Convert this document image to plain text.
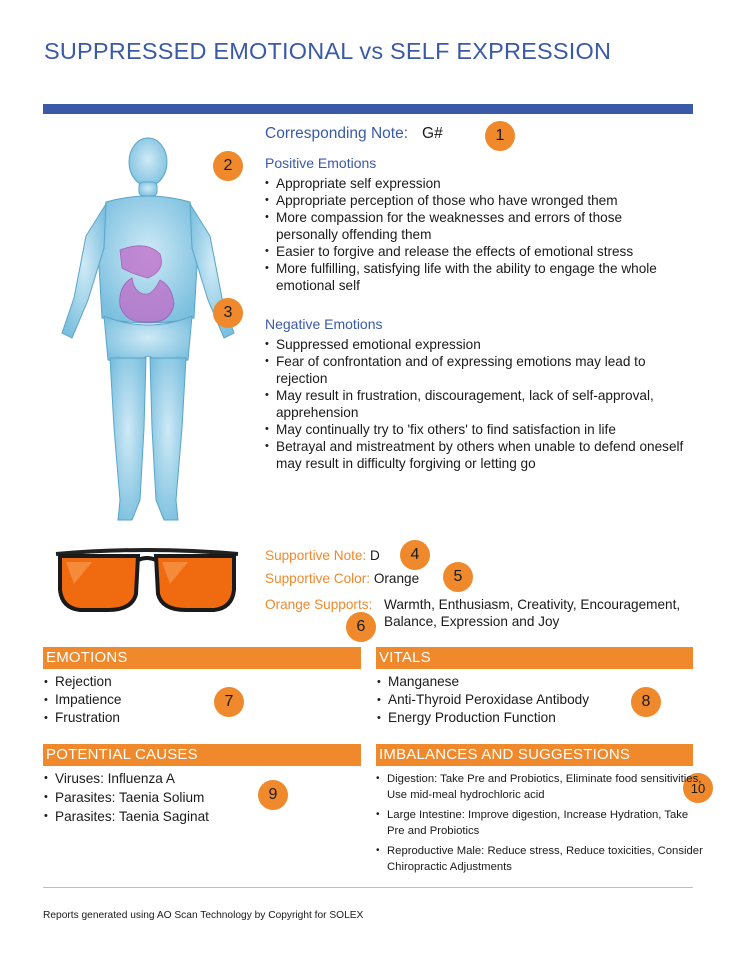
SUPPRESSED EMOTIONAL vs SELF EXPRESSION
1
2
3
4
5
6
7	8
9	10
Corresponding Note: G#
Positive Emotions
• Appropriate self expression
• Appropriate perception of those who have wronged them
• More compassion for the weaknesses and errors of those personally offending them
• Easier to forgive and release the effects of emotional stress
• More fulfilling, satisfying life with the ability to engage the whole emotional self
Negative Emotions
• Suppressed emotional expression
• Fear of confrontation and of expressing emotions may lead to rejection
• May result in frustration, discouragement, lack of self-approval, apprehension
• May continually try to 'fix others' to find satisfaction in life
• Betrayal and mistreatment by others when unable to defend oneself may result in difficulty forgiving or letting go
Supportive Note: D
Supportive Color: Orange
Orange Supports: Warmth, Enthusiasm, Creativity, Encouragement, Balance, Expression and Joy
EMOTIONS
• Rejection
• Impatience
• Frustration
VITALS
• Manganese
• Anti-Thyroid Peroxidase Antibody
• Energy Production Function
POTENTIAL CAUSES
• Viruses: Influenza A
• Parasites: Taenia Solium
• Parasites: Taenia Saginat
IMBALANCES AND SUGGESTIONS
• Digestion: Take Pre and Probiotics, Eliminate food sensitivities, Use mid-meal hydrochloric acid
• Large Intestine: Improve digestion, Increase Hydration, Take Pre and Probiotics
• Reproductive Male: Reduce stress, Reduce toxicities, Consider Chiropractic Adjustments
Reports generated using AO Scan Technology by Copyright for SOLEX
